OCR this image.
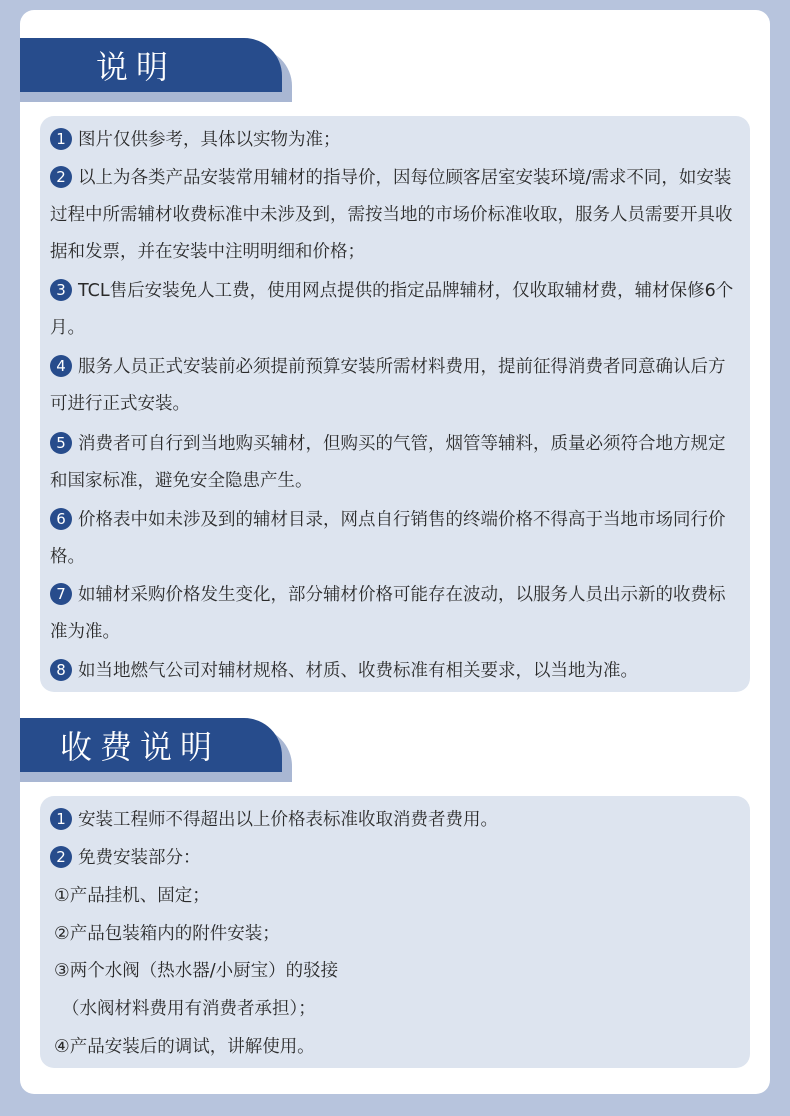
说明
1 图片仅供参考，具体以实物为准；
2 以上为各类产品安装常用辅材的指导价，因每位顾客居室安装环境/需求不同，如安装过程中所需辅材收费标准中未涉及到，需按当地的市场价标准收取，服务人员需要开具收据和发票，并在安装中注明明细和价格；
3 TCL售后安装免人工费，使用网点提供的指定品牌辅材，仅收取辅材费，辅材保修6个月。
4 服务人员正式安装前必须提前预算安装所需材料费用，提前征得消费者同意确认后方可进行正式安装。
5 消费者可自行到当地购买辅材，但购买的气管，烟管等辅料，质量必须符合地方规定和国家标准，避免安全隐患产生。
6 价格表中如未涉及到的辅材目录，网点自行销售的终端价格不得高于当地市场同行价格。
7 如辅材采购价格发生变化，部分辅材价格可能存在波动，以服务人员出示新的收费标准为准。
8 如当地燃气公司对辅材规格、材质、收费标准有相关要求，以当地为准。
收费说明
1 安装工程师不得超出以上价格表标准收取消费者费用。
2 免费安装部分：
①产品挂机、固定；
②产品包装箱内的附件安装；
③两个水阀（热水器/小厨宝）的驳接
（水阀材料费用有消费者承担）；
④产品安装后的调试，讲解使用。
